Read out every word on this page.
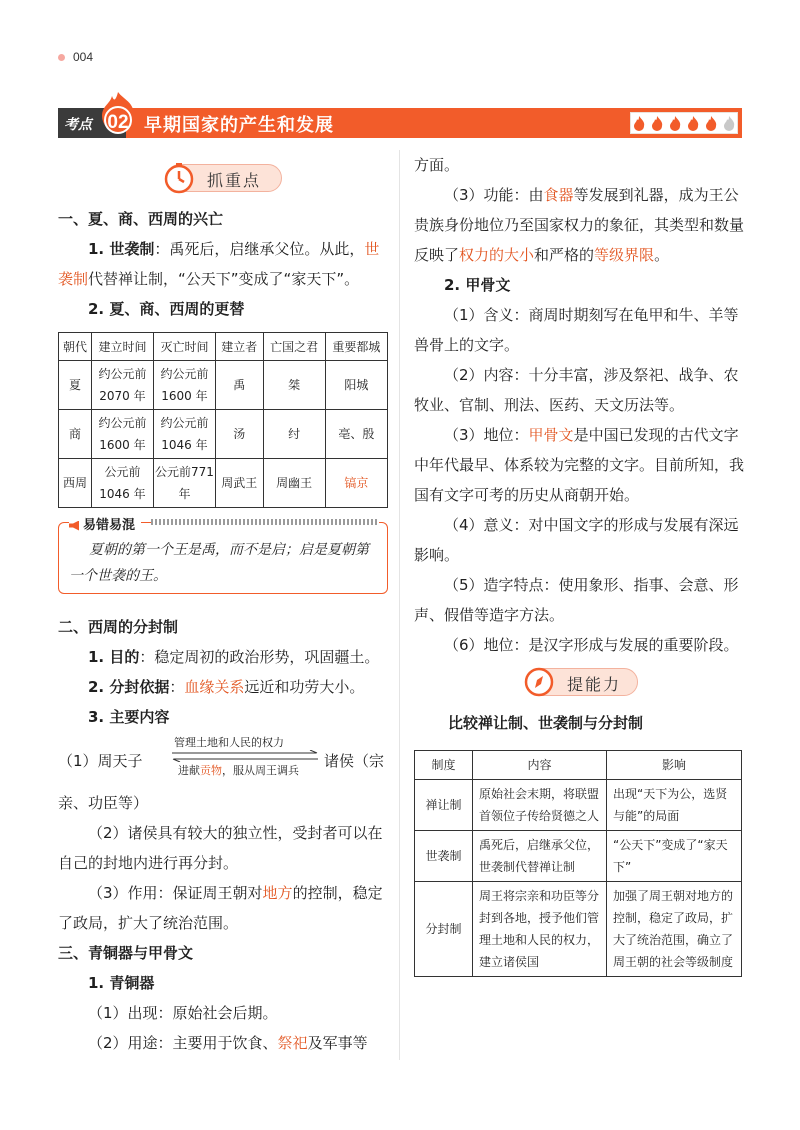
004
考点 02 早期国家的产生和发展
抓重点

一、夏、商、西周的兴亡

1. 世袭制：禹死后，启继承父位。从此，世袭制代替禅让制，“公天下”变成了“家天下”。

2. 夏、商、西周的更替

朝代	建立时间	灭亡时间	建立者	亡国之君	重要都城
夏	约公元前2070 年	约公元前1600 年	禹	桀	阳城
商	约公元前1600 年	约公元前1046 年	汤	纣	亳、殷
西周	公元前1046 年	公元前771 年	周武王	周幽王	镐京
易错易混
夏朝的第一个王是禹，而不是启；启是夏朝第一个世袭的王。

二、西周的分封制

1. 目的：稳定周初的政治形势，巩固疆土。

2. 分封依据：血缘关系远近和功劳大小。

3. 主要内容

（1）周天子
管理土地和人民的权力
进献贡物，服从周王调兵
诸侯（宗

亲、功臣等）

（2）诸侯具有较大的独立性，受封者可以在自己的封地内进行再分封。

（3）作用：保证周王朝对地方的控制，稳定了政局，扩大了统治范围。

三、青铜器与甲骨文

1. 青铜器

（1）出现：原始社会后期。

（2）用途：主要用于饮食、祭祀及军事等

方面。

（3）功能：由食器等发展到礼器，成为王公贵族身份地位乃至国家权力的象征，其类型和数量反映了权力的大小和严格的等级界限。

2. 甲骨文

（1）含义：商周时期刻写在龟甲和牛、羊等兽骨上的文字。

（2）内容：十分丰富，涉及祭祀、战争、农牧业、官制、刑法、医药、天文历法等。

（3）地位：甲骨文是中国已发现的古代文字中年代最早、体系较为完整的文字。目前所知，我国有文字可考的历史从商朝开始。

（4）意义：对中国文字的形成与发展有深远影响。

（5）造字特点：使用象形、指事、会意、形声、假借等造字方法。

（6）地位：是汉字形成与发展的重要阶段。

提能力

比较禅让制、世袭制与分封制

制度	内容	影响
禅让制	原始社会末期，将联盟首领位子传给贤德之人	出现“天下为公，选贤与能”的局面
世袭制	禹死后，启继承父位，世袭制代替禅让制	“公天下”变成了“家天下”
分封制	周王将宗亲和功臣等分封到各地，授予他们管理土地和人民的权力，建立诸侯国	加强了周王朝对地方的控制，稳定了政局，扩大了统治范围，确立了周王朝的社会等级制度
